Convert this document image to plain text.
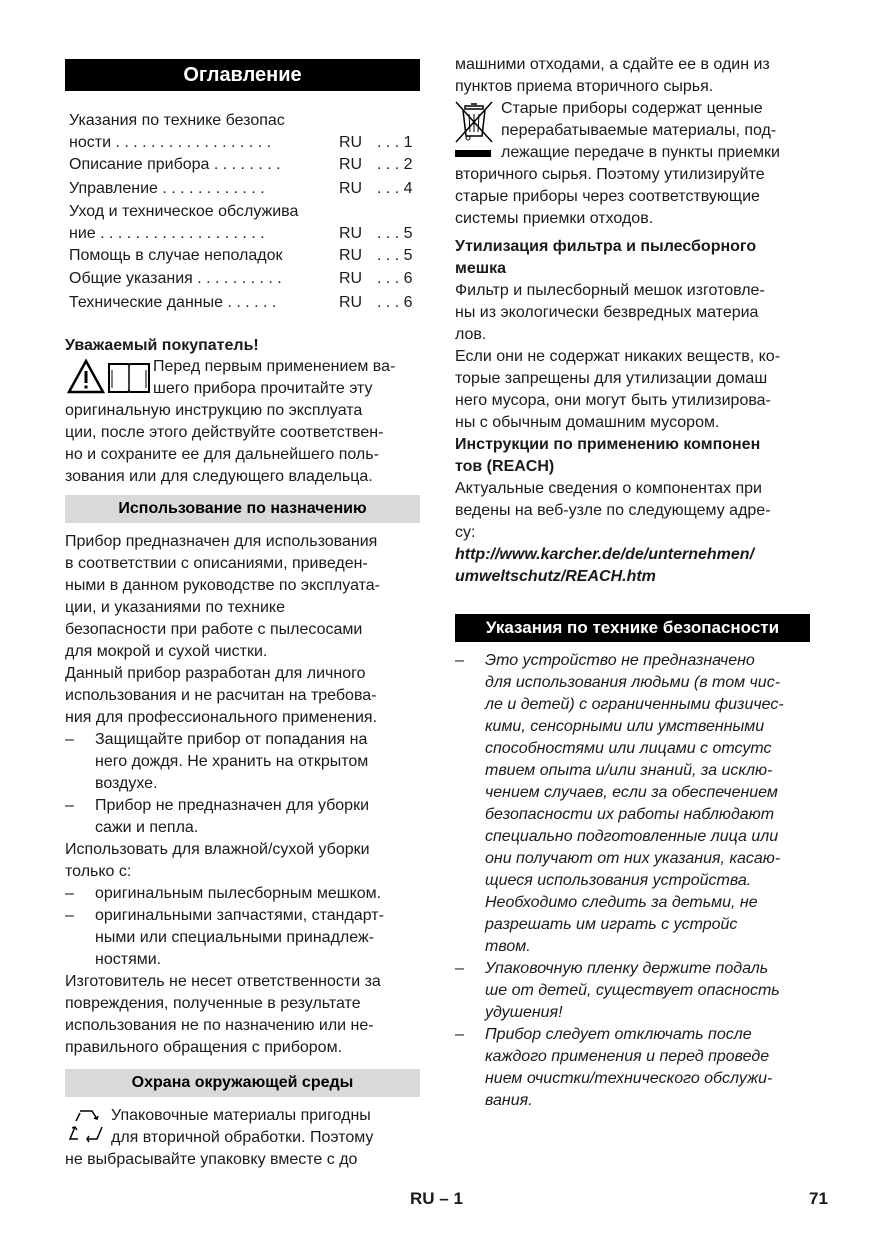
Оглавление
Указания по технике безопас
ности . . . . . . . . . . . . . . . . . .	RU . . . 1
Описание прибора . . . . . . . .	RU . . . 2
Управление . . . . . . . . . . . .	RU . . . 4
Уход и техническое обслужива
ние . . . . . . . . . . . . . . . . . . .	RU . . . 5
Помощь в случае неполадок	RU . . . 5
Общие указания . . . . . . . . . .	RU . . . 6
Технические данные . . . . . .	RU . . . 6
Уважаемый покупатель!

Перед первым применением ва-

шего прибора прочитайте эту

оригинальную инструкцию по эксплуата

ции, после этого действуйте соответствен-

но и сохраните ее для дальнейшего поль-

зования или для следующего владельца.

Использование по назначению

Прибор предназначен для использования

в соответствии с описаниями, приведен-

ными в данном руководстве по эксплуата-

ции, и указаниями по технике

безопасности при работе с пылесосами

для мокрой и сухой чистки.

Данный прибор разработан для личного

использования и не расчитан на требова-

ния для профессионального применения.

– Защищайте прибор от попадания на

него дождя. Не хранить на открытом

воздухе.

– Прибор не предназначен для уборки

сажи и пепла.

Использовать для влажной/сухой уборки

только с:

– оригинальным пылесборным мешком.

– оригинальными запчастями, стандарт-

ными или специальными принадлеж-

ностями.

Изготовитель не несет ответственности за

повреждения, полученные в результате

использования не по назначению или не-

правильного обращения с прибором.

Охрана окружающей среды

Упаковочные материалы пригодны

для вторичной обработки. Поэтому

не выбрасывайте упаковку вместе с до

машними отходами, а сдайте ее в один из

пунктов приема вторичного сырья.

Старые приборы содержат ценные

перерабатываемые материалы, под-

лежащие передаче в пункты приемки

вторичного сырья. Поэтому утилизируйте

старые приборы через соответствующие

системы приемки отходов.

Утилизация фильтра и пылесборного

мешка

Фильтр и пылесборный мешок изготовле-

ны из экологически безвредных материа

лов.

Если они не содержат никаких веществ, ко-

торые запрещены для утилизации домаш

него мусора, они могут быть утилизирова-

ны с обычным домашним мусором.

Инструкции по применению компонен

тов (REACH)

Актуальные сведения о компонентах при

ведены на веб-узле по следующему адре-

су:

http://www.karcher.de/de/unternehmen/

umweltschutz/REACH.htm

Указания по технике безопасности
– Это устройство не предназначено

для использования людьми (в том чис-

ле и детей) с ограниченными физичес-

кими, сенсорными или умственными

способностями или лицами с отсутс

твием опыта и/или знаний, за исклю-

чением случаев, если за обеспечением

безопасности их работы наблюдают

специально подготовленные лица или

они получают от них указания, касаю-

щиеся использования устройства.

Необходимо следить за детьми, не

разрешать им играть с устройс

твом.

– Упаковочную пленку держите подаль

ше от детей, существует опасность

удушения!

– Прибор следует отключать после

каждого применения и перед проведе

нием очистки/технического обслужи-

вания.

RU – 1	71
